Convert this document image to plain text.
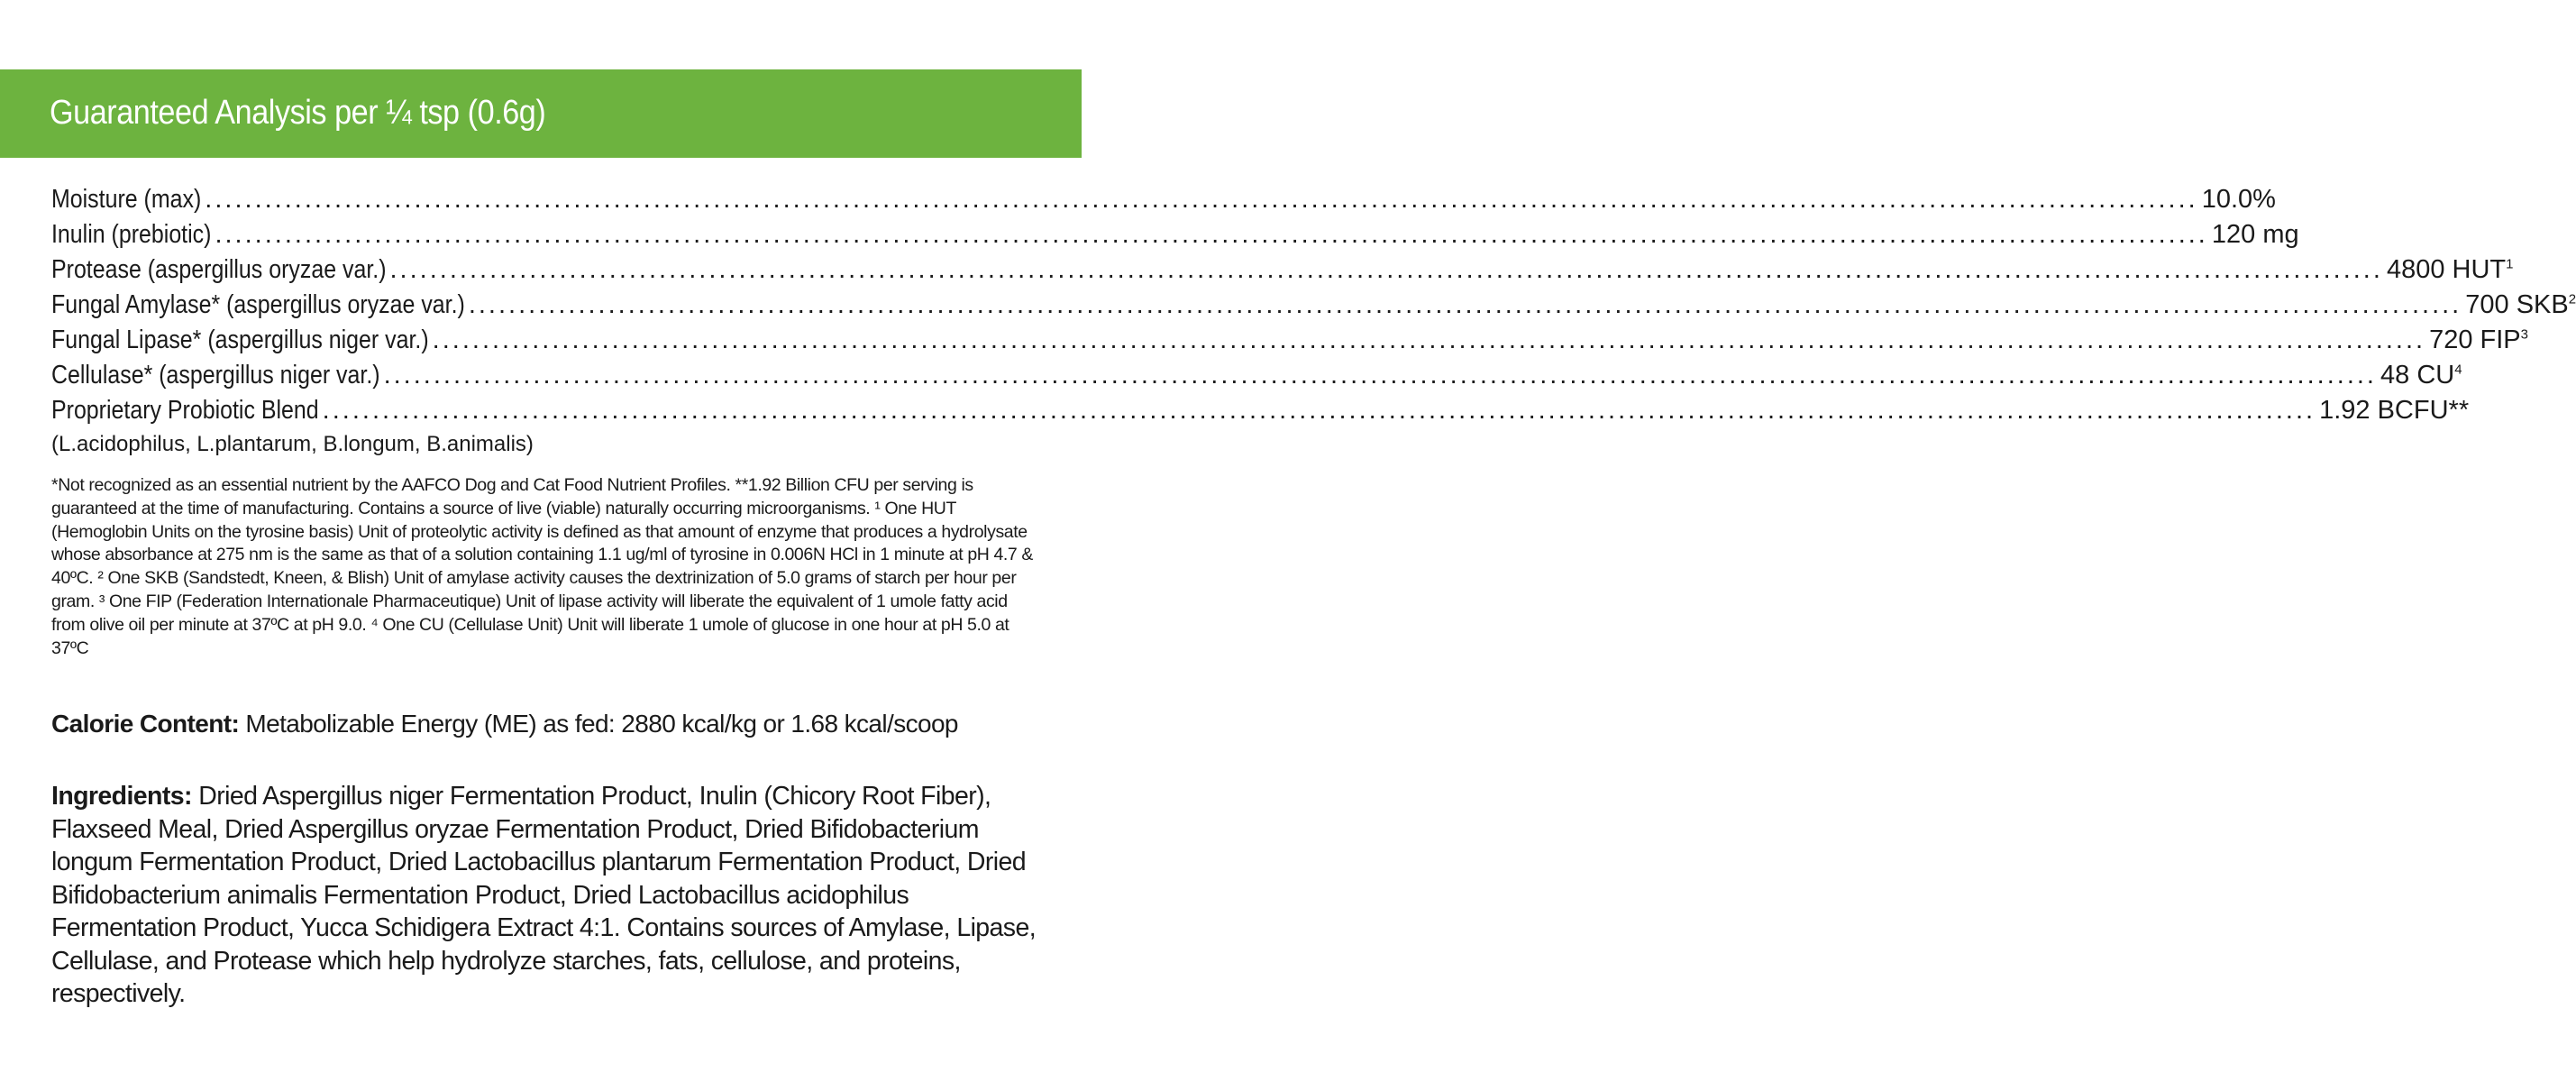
Guaranteed Analysis per ¼ tsp (0.6g)
Moisture (max) ........................................................................................................................................................................................................ 10.0%
Inulin (prebiotic) ........................................................................................................................................................................................................ 120 mg
Protease (aspergillus oryzae var.) ........................................................................................................................................................................................................ 4800 HUT$^1$
Fungal Amylase* (aspergillus oryzae var.) ........................................................................................................................................................................................................ 700 SKB$^2$
Fungal Lipase* (aspergillus niger var.) ........................................................................................................................................................................................................ 720 FIP$^3$
Cellulase* (aspergillus niger var.) ........................................................................................................................................................................................................ 48 $CU^4$
Proprietary Probiotic Blend ........................................................................................................................................................................................................ 1.92 BCFU**
(L.acidophilus, L.plantarum, B.longum, B.animalis)
*Not recognized as an essential nutrient by the AAFCO Dog and Cat Food Nutrient Profiles. **1.92 Billion CFU per serving is guaranteed at the time of manufacturing. Contains a source of live (viable) naturally occurring microorganisms. ¹ One HUT (Hemoglobin Units on the tyrosine basis) Unit of proteolytic activity is defined as that amount of enzyme that produces a hydrolysate whose absorbance at 275 nm is the same as that of a solution containing 1.1 ug/ml of tyrosine in 0.006N HCl in 1 minute at pH 4.7 & 40ºC. ² One SKB (Sandstedt, Kneen, & Blish) Unit of amylase activity causes the dextrinization of 5.0 grams of starch per hour per gram. ³ One FIP (Federation Internationale Pharmaceutique) Unit of lipase activity will liberate the equivalent of 1 umole fatty acid from olive oil per minute at 37ºC at pH 9.0. ⁴ One CU (Cellulase Unit) Unit will liberate 1 umole of glucose in one hour at pH 5.0 at 37ºC
Calorie Content: Metabolizable Energy (ME) as fed: 2880 kcal/kg or 1.68 kcal/scoop
Ingredients: Dried Aspergillus niger Fermentation Product, Inulin (Chicory Root Fiber), Flaxseed Meal, Dried Aspergillus oryzae Fermentation Product, Dried Bifidobacterium longum Fermentation Product, Dried Lactobacillus plantarum Fermentation Product, Dried Bifidobacterium animalis Fermentation Product, Dried Lactobacillus acidophilus Fermentation Product, Yucca Schidigera Extract 4:1. Contains sources of Amylase, Lipase, Cellulase, and Protease which help hydrolyze starches, fats, cellulose, and proteins, respectively.
